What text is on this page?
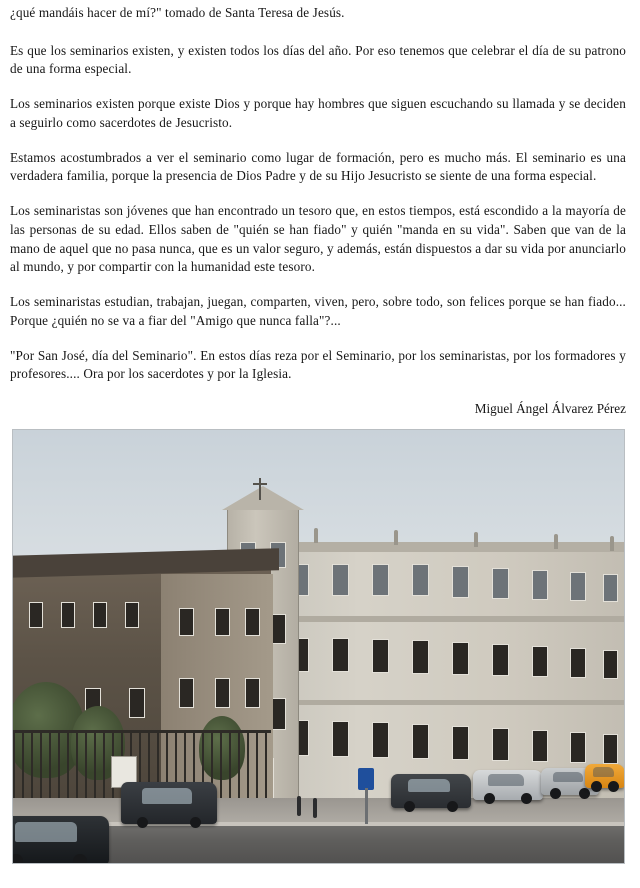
¿qué mandáis hacer de mí?" tomado de Santa Teresa de Jesús.

Es que los seminarios existen, y existen todos los días del año. Por eso tenemos que celebrar el día de su patrono de una forma especial.

Los seminarios existen porque existe Dios y porque hay hombres que siguen escuchando su llamada y se deciden a seguirlo como sacerdotes de Jesucristo.

Estamos acostumbrados a ver el seminario como lugar de formación, pero es mucho más. El seminario es una verdadera familia, porque la presencia de Dios Padre y de su Hijo Jesucristo se siente de una forma especial.

Los seminaristas son jóvenes que han encontrado un tesoro que, en estos tiempos, está escondido a la mayoría de las personas de su edad. Ellos saben de "quién se han fiado" y quién "manda en su vida". Saben que van de la mano de aquel que no pasa nunca, que es un valor seguro, y además, están dispuestos a dar su vida por anunciarlo al mundo, y por compartir con la humanidad este tesoro.

Los seminaristas estudian, trabajan, juegan, comparten, viven, pero, sobre todo, son felices porque se han fiado... Porque ¿quién no se va a fiar del "Amigo que nunca falla"?...

"Por San José, día del Seminario". En estos días reza por el Seminario, por los seminaristas, por los formadores y profesores.... Ora por los sacerdotes y por la Iglesia.

Miguel Ángel Álvarez Pérez
